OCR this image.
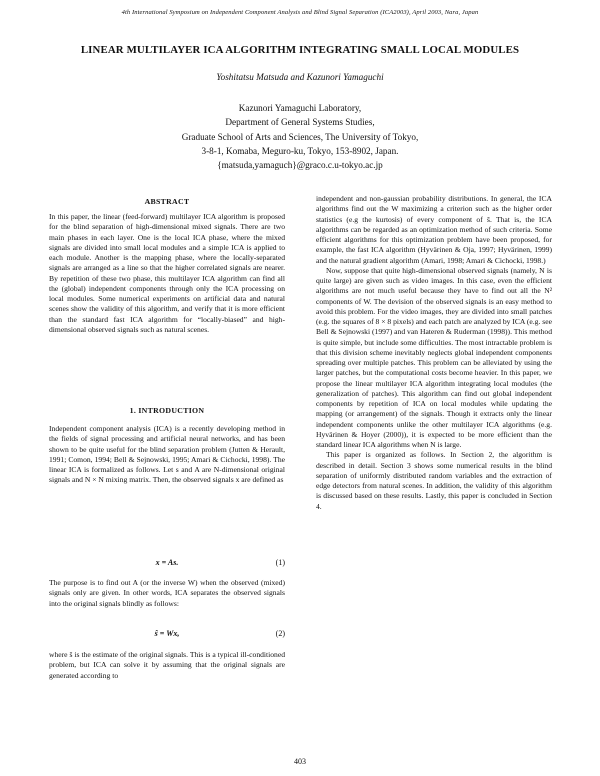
4th International Symposium on Independent Component Analysis and Blind Signal Separation (ICA2003), April 2003, Nara, Japan
LINEAR MULTILAYER ICA ALGORITHM INTEGRATING SMALL LOCAL MODULES
Yoshitatsu Matsuda and Kazunori Yamaguchi
Kazunori Yamaguchi Laboratory,
Department of General Systems Studies,
Graduate School of Arts and Sciences, The University of Tokyo,
3-8-1, Komaba, Meguro-ku, Tokyo, 153-8902, Japan.
{matsuda,yamaguch}@graco.c.u-tokyo.ac.jp
ABSTRACT

In this paper, the linear (feed-forward) multilayer ICA algorithm is proposed for the blind separation of high-dimensional mixed signals. There are two main phases in each layer. One is the local ICA phase, where the mixed signals are divided into small local modules and a simple ICA is applied to each module. Another is the mapping phase, where the locally-separated signals are arranged as a line so that the higher correlated signals are nearer. By repetition of these two phase, this multilayer ICA algorithm can find all the (global) independent components through only the ICA processing on local modules. Some numerical experiments on artificial data and natural scenes show the validity of this algorithm, and verify that it is more efficient than the standard fast ICA algorithm for “locally-biased” and high-dimensional observed signals such as natural scenes.

1. INTRODUCTION

Independent component analysis (ICA) is a recently developing method in the fields of signal processing and artificial neural networks, and has been shown to be quite useful for the blind separation problem (Jutten & Herault, 1991; Comon, 1994; Bell & Sejnowski, 1995; Amari & Cichocki, 1998). The linear ICA is formalized as follows. Let s and A are N-dimensional original signals and N × N mixing matrix. Then, the observed signals x are defined as

x = As.	(1)

The purpose is to find out A (or the inverse W) when the observed (mixed) signals only are given. In other words, ICA separates the observed signals into the original signals blindly as follows:

ŝ = Wx,	(2)

where ŝ is the estimate of the original signals. This is a typical ill-conditioned problem, but ICA can solve it by assuming that the original signals are generated according to

independent and non-gaussian probability distributions. In general, the ICA algorithms find out the W maximizing a criterion such as the higher order statistics (e.g the kurtosis) of every component of ŝ. That is, the ICA algorithms can be regarded as an optimization method of such criteria. Some efficient algorithms for this optimization problem have been proposed, for example, the fast ICA algorithm (Hyvärinen & Oja, 1997; Hyvärinen, 1999) and the natural gradient algorithm (Amari, 1998; Amari & Cichocki, 1998.)

Now, suppose that quite high-dimensional observed signals (namely, N is quite large) are given such as video images. In this case, even the efficient algorithms are not much useful because they have to find out all the N² components of W. The devision of the observed signals is an easy method to avoid this problem. For the video images, they are divided into small patches (e.g. the squares of 8 × 8 pixels) and each patch are analyzed by ICA (e.g. see Bell & Sejnowski (1997) and van Hateren & Ruderman (1998)). This method is quite simple, but include some difficulties. The most intractable problem is that this division scheme inevitably neglects global independent components spreading over multiple patches. This problem can be alleviated by using the larger patches, but the computational costs become heavier. In this paper, we propose the linear multilayer ICA algorithm integrating local modules (the generalization of patches). This algorithm can find out global independent components by repetition of ICA on local modules while updating the mapping (or arrangement) of the signals. Though it extracts only the linear independent components unlike the other multilayer ICA algorithms (e.g. Hyvärinen & Hoyer (2000)), it is expected to be more efficient than the standard linear ICA algorithms when N is large.

This paper is organized as follows. In Section 2, the algorithm is described in detail. Section 3 shows some numerical results in the blind separation of uniformly distributed random variables and the extraction of edge detectors from natural scenes. In addition, the validity of this algorithm is discussed based on these results. Lastly, this paper is concluded in Section 4.

403
